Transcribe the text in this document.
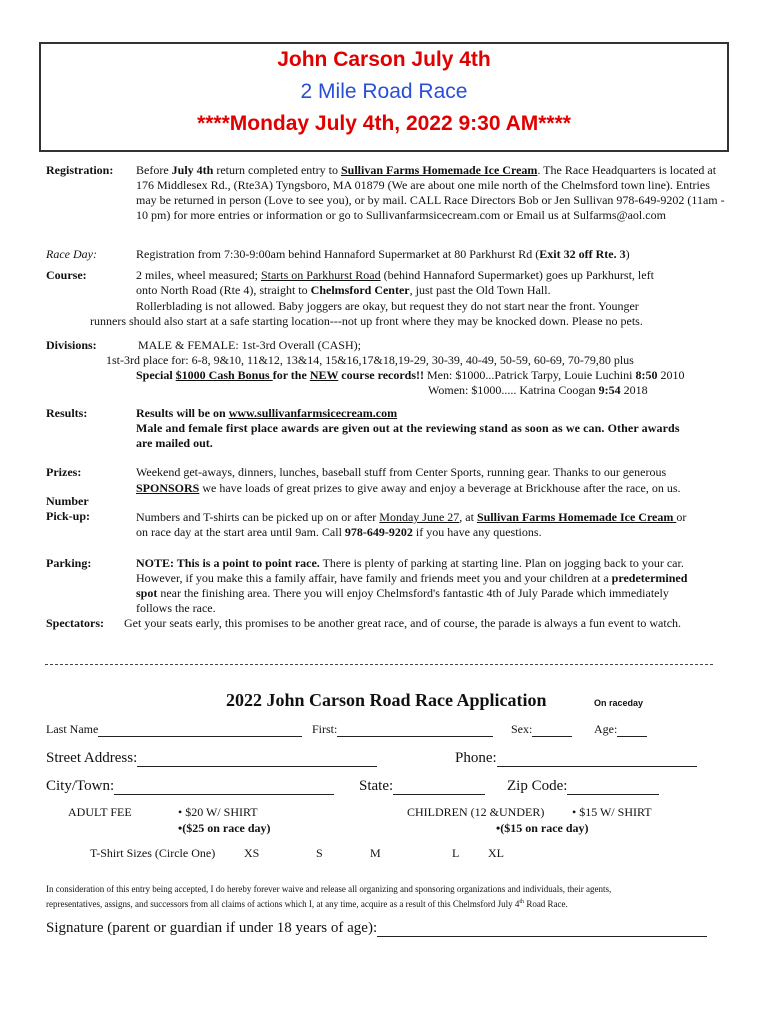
John Carson July 4th
2 Mile Road Race
****Monday July 4th, 2022 9:30 AM****
Registration: Before July 4th return completed entry to Sullivan Farms Homemade Ice Cream. The Race Headquarters is located at 176 Middlesex Rd., (Rte3A) Tyngsboro, MA 01879 (We are about one mile north of the Chelmsford town line). Entries may be returned in person (Love to see you), or by mail. CALL Race Directors Bob or Jen Sullivan 978-649-9202 (11am - 10 pm) for more entries or information or go to Sullivanfarmsicecream.com or Email us at Sulfarms@aol.com
Race Day:	Registration from 7:30-9:00am behind Hannaford Supermarket at 80 Parkhurst Rd (Exit 32 off Rte. 3)
Course:	2 miles, wheel measured; Starts on Parkhurst Road (behind Hannaford Supermarket) goes up Parkhurst, left
onto North Road (Rte 4), straight to Chelmsford Center, just past the Old Town Hall.
Rollerblading is not allowed. Baby joggers are okay, but request they do not start near the front. Younger
runners should also start at a safe starting location---not up front where they may be knocked down. Please no pets.
Divisions:	MALE & FEMALE: 1st-3rd Overall (CASH);
1st-3rd place for: 6-8, 9&10, 11&12, 13&14, 15&16,17&18,19-29, 30-39, 40-49, 50-59, 60-69, 70-79,80 plus
Special $1000 Cash Bonus for the NEW course records!! Men: $1000...Patrick Tarpy, Louie Luchini 8:50 2010
Women: $1000..... Katrina Coogan 9:54 2018
Results:	Results will be on www.sullivanfarmsicecream.com
Male and female first place awards are given out at the reviewing stand as soon as we can. Other awards
are mailed out.
Prizes:	Weekend get-aways, dinners, lunches, baseball stuff from Center Sports, running gear. Thanks to our generous
SPONSORS we have loads of great prizes to give away and enjoy a beverage at Brickhouse after the race, on us.
Number
Pick-up:	Numbers and T-shirts can be picked up on or after Monday June 27, at Sullivan Farms Homemade Ice Cream or
on race day at the start area until 9am. Call 978-649-9202 if you have any questions.
Parking:	NOTE: This is a point to point race. There is plenty of parking at starting line. Plan on jogging back to your car.
However, if you make this a family affair, have family and friends meet you and your children at a predetermined
spot near the finishing area. There you will enjoy Chelmsford's fantastic 4th of July Parade which immediately
follows the race.
Spectators: Get your seats early, this promises to be another great race, and of course, the parade is always a fun event to watch.
2022 John Carson Road Race Application	On raceday
Last Name	First:	Sex:	Age:
Street Address:	Phone:
City/Town:	State:	Zip Code:
ADULT FEE	• $20 W/ SHIRT
•($25 on race day)
CHILDREN (12 &UNDER) • $15 W/ SHIRT
•($15 on race day)
T-Shirt Sizes (Circle One) XS	S	M	L XL
In consideration of this entry being accepted, I do hereby forever waive and release all organizing and sponsoring organizations and individuals, their agents,
representatives, assigns, and successors from all claims of actions which I, at any time, acquire as a result of this Chelmsford July 4th Road Race.
Signature (parent or guardian if under 18 years of age):
